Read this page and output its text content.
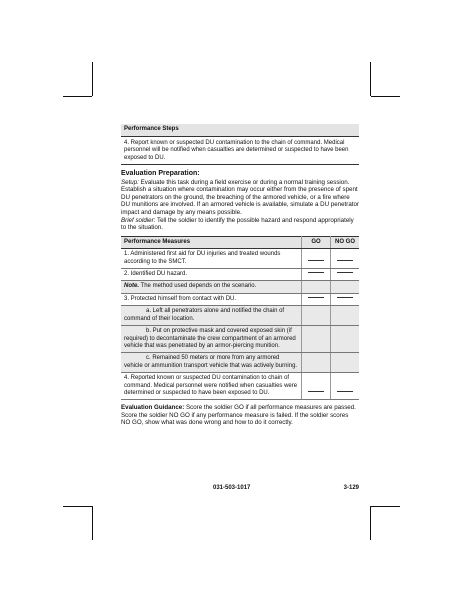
Performance Steps
4. Report known or suspected DU contamination to the chain of command. Medical personnel will be notified when casualties are determined or suspected to have been exposed to DU.
Evaluation Preparation:

Setup: Evaluate this task during a field exercise or during a normal training session. Establish a situation where contamination may occur either from the presence of spent DU penetrators on the ground, the breaching of the armored vehicle, or a fire where DU munitions are involved. If an armored vehicle is available, simulate a DU penetrator impact and damage by any means possible.

Brief soldier: Tell the soldier to identify the possible hazard and respond appropriately to the situation.

Performance Measures	GO	NO GO
1. Administered first aid for DU injuries and treated wounds according to the SMCT.		
2. Identified DU hazard.		
Note. The method used depends on the scenario.		
3. Protected himself from contact with DU.		
a. Left all penetrators alone and notified the chain of command of their location.		
b. Put on protective mask and covered exposed skin (if required) to decontaminate the crew compartment of an armored vehicle that was penetrated by an armor-piercing munition.		
c. Remained 50 meters or more from any armored vehicle or ammunition transport vehicle that was actively burning.		
4. Reported known or suspected DU contamination to chain of command. Medical personnel were notified when casualties were determined or suspected to have been exposed to DU.		

Evaluation Guidance: Score the soldier GO if all performance measures are passed. Score the soldier NO GO if any performance measure is failed. If the soldier scores NO GO, show what was done wrong and how to do it correctly.

031-503-1017	3-129
